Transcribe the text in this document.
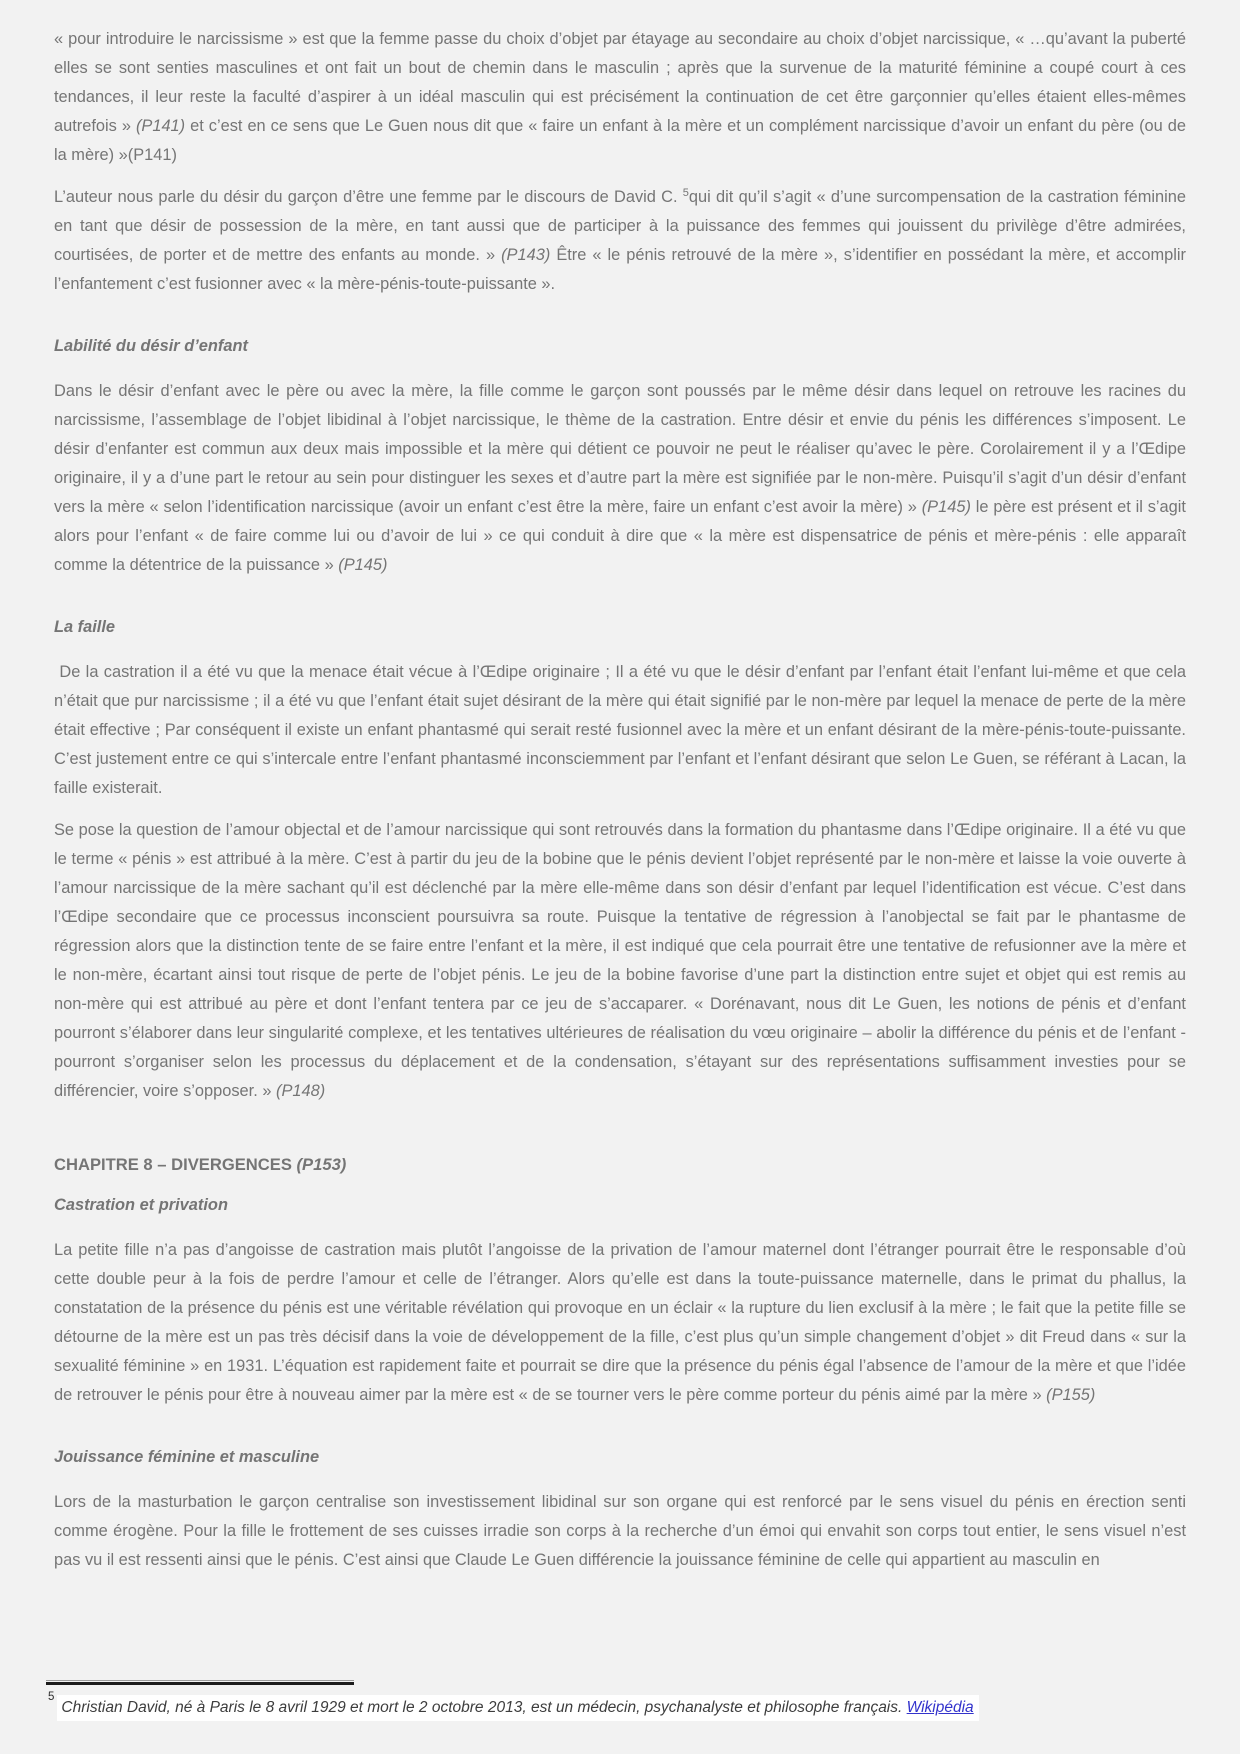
« pour introduire le narcissisme » est que la femme passe du choix d’objet par étayage au secondaire au choix d’objet narcissique, « …qu’avant la puberté elles se sont senties masculines et ont fait un bout de chemin dans le masculin ; après que la survenue de la maturité féminine a coupé court à ces tendances, il leur reste la faculté d’aspirer à un idéal masculin qui est précisément la continuation de cet être garçonnier qu’elles étaient elles-mêmes autrefois » (P141) et c’est en ce sens que Le Guen nous dit que « faire un enfant à la mère et un complément narcissique d’avoir un enfant du père (ou de la mère) »(P141)

L’auteur nous parle du désir du garçon d’être une femme par le discours de David C. $^5$qui dit qu’il s’agit « d’une surcompensation de la castration féminine en tant que désir de possession de la mère, en tant aussi que de participer à la puissance des femmes qui jouissent du privilège d’être admirées, courtisées, de porter et de mettre des enfants au monde. » (P143) Être « le pénis retrouvé de la mère », s’identifier en possédant la mère, et accomplir l’enfantement c’est fusionner avec « la mère-pénis-toute-puissante ».

Labilité du désir d’enfant

Dans le désir d’enfant avec le père ou avec la mère, la fille comme le garçon sont poussés par le même désir dans lequel on retrouve les racines du narcissisme, l’assemblage de l’objet libidinal à l’objet narcissique, le thème de la castration. Entre désir et envie du pénis les différences s’imposent. Le désir d’enfanter est commun aux deux mais impossible et la mère qui détient ce pouvoir ne peut le réaliser qu’avec le père. Corolairement il y a l’Œdipe originaire, il y a d’une part le retour au sein pour distinguer les sexes et d’autre part la mère est signifiée par le non-mère. Puisqu’il s’agit d’un désir d’enfant vers la mère « selon l’identification narcissique (avoir un enfant c’est être la mère, faire un enfant c’est avoir la mère) » (P145) le père est présent et il s’agit alors pour l’enfant « de faire comme lui ou d’avoir de lui » ce qui conduit à dire que « la mère est dispensatrice de pénis et mère-pénis : elle apparaît comme la détentrice de la puissance » (P145)

La faille

De la castration il a été vu que la menace était vécue à l’Œdipe originaire ; Il a été vu que le désir d’enfant par l’enfant était l’enfant lui-même et que cela n’était que pur narcissisme ; il a été vu que l’enfant était sujet désirant de la mère qui était signifié par le non-mère par lequel la menace de perte de la mère était effective ; Par conséquent il existe un enfant phantasmé qui serait resté fusionnel avec la mère et un enfant désirant de la mère-pénis-toute-puissante. C’est justement entre ce qui s’intercale entre l’enfant phantasmé inconsciemment par l’enfant et l’enfant désirant que selon Le Guen, se référant à Lacan, la faille existerait.

Se pose la question de l’amour objectal et de l’amour narcissique qui sont retrouvés dans la formation du phantasme dans l’Œdipe originaire. Il a été vu que le terme « pénis » est attribué à la mère. C’est à partir du jeu de la bobine que le pénis devient l’objet représenté par le non-mère et laisse la voie ouverte à l’amour narcissique de la mère sachant qu’il est déclenché par la mère elle-même dans son désir d’enfant par lequel l’identification est vécue. C’est dans l’Œdipe secondaire que ce processus inconscient poursuivra sa route. Puisque la tentative de régression à l’anobjectal se fait par le phantasme de régression alors que la distinction tente de se faire entre l’enfant et la mère, il est indiqué que cela pourrait être une tentative de refusionner ave la mère et le non-mère, écartant ainsi tout risque de perte de l’objet pénis. Le jeu de la bobine favorise d’une part la distinction entre sujet et objet qui est remis au non-mère qui est attribué au père et dont l’enfant tentera par ce jeu de s’accaparer. « Dorénavant, nous dit Le Guen, les notions de pénis et d’enfant pourront s’élaborer dans leur singularité complexe, et les tentatives ultérieures de réalisation du vœu originaire – abolir la différence du pénis et de l’enfant - pourront s’organiser selon les processus du déplacement et de la condensation, s’étayant sur des représentations suffisamment investies pour se différencier, voire s’opposer. » (P148)

CHAPITRE 8 – DIVERGENCES (P153)
Castration et privation

La petite fille n’a pas d’angoisse de castration mais plutôt l’angoisse de la privation de l’amour maternel dont l’étranger pourrait être le responsable d’où cette double peur à la fois de perdre l’amour et celle de l’étranger. Alors qu’elle est dans la toute-puissance maternelle, dans le primat du phallus, la constatation de la présence du pénis est une véritable révélation qui provoque en un éclair « la rupture du lien exclusif à la mère ; le fait que la petite fille se détourne de la mère est un pas très décisif dans la voie de développement de la fille, c’est plus qu’un simple changement d’objet » dit Freud dans « sur la sexualité féminine » en 1931. L’équation est rapidement faite et pourrait se dire que la présence du pénis égal l’absence de l’amour de la mère et que l’idée de retrouver le pénis pour être à nouveau aimer par la mère est « de se tourner vers le père comme porteur du pénis aimé par la mère » (P155)

Jouissance féminine et masculine

Lors de la masturbation le garçon centralise son investissement libidinal sur son organe qui est renforcé par le sens visuel du pénis en érection senti comme érogène. Pour la fille le frottement de ses cuisses irradie son corps à la recherche d’un émoi qui envahit son corps tout entier, le sens visuel n’est pas vu il est ressenti ainsi que le pénis. C’est ainsi que Claude Le Guen différencie la jouissance féminine de celle qui appartient au masculin en

$^5$Christian David, né à Paris le 8 avril 1929 et mort le 2 octobre 2013, est un médecin, psychanalyste et philosophe français. Wikipédia
